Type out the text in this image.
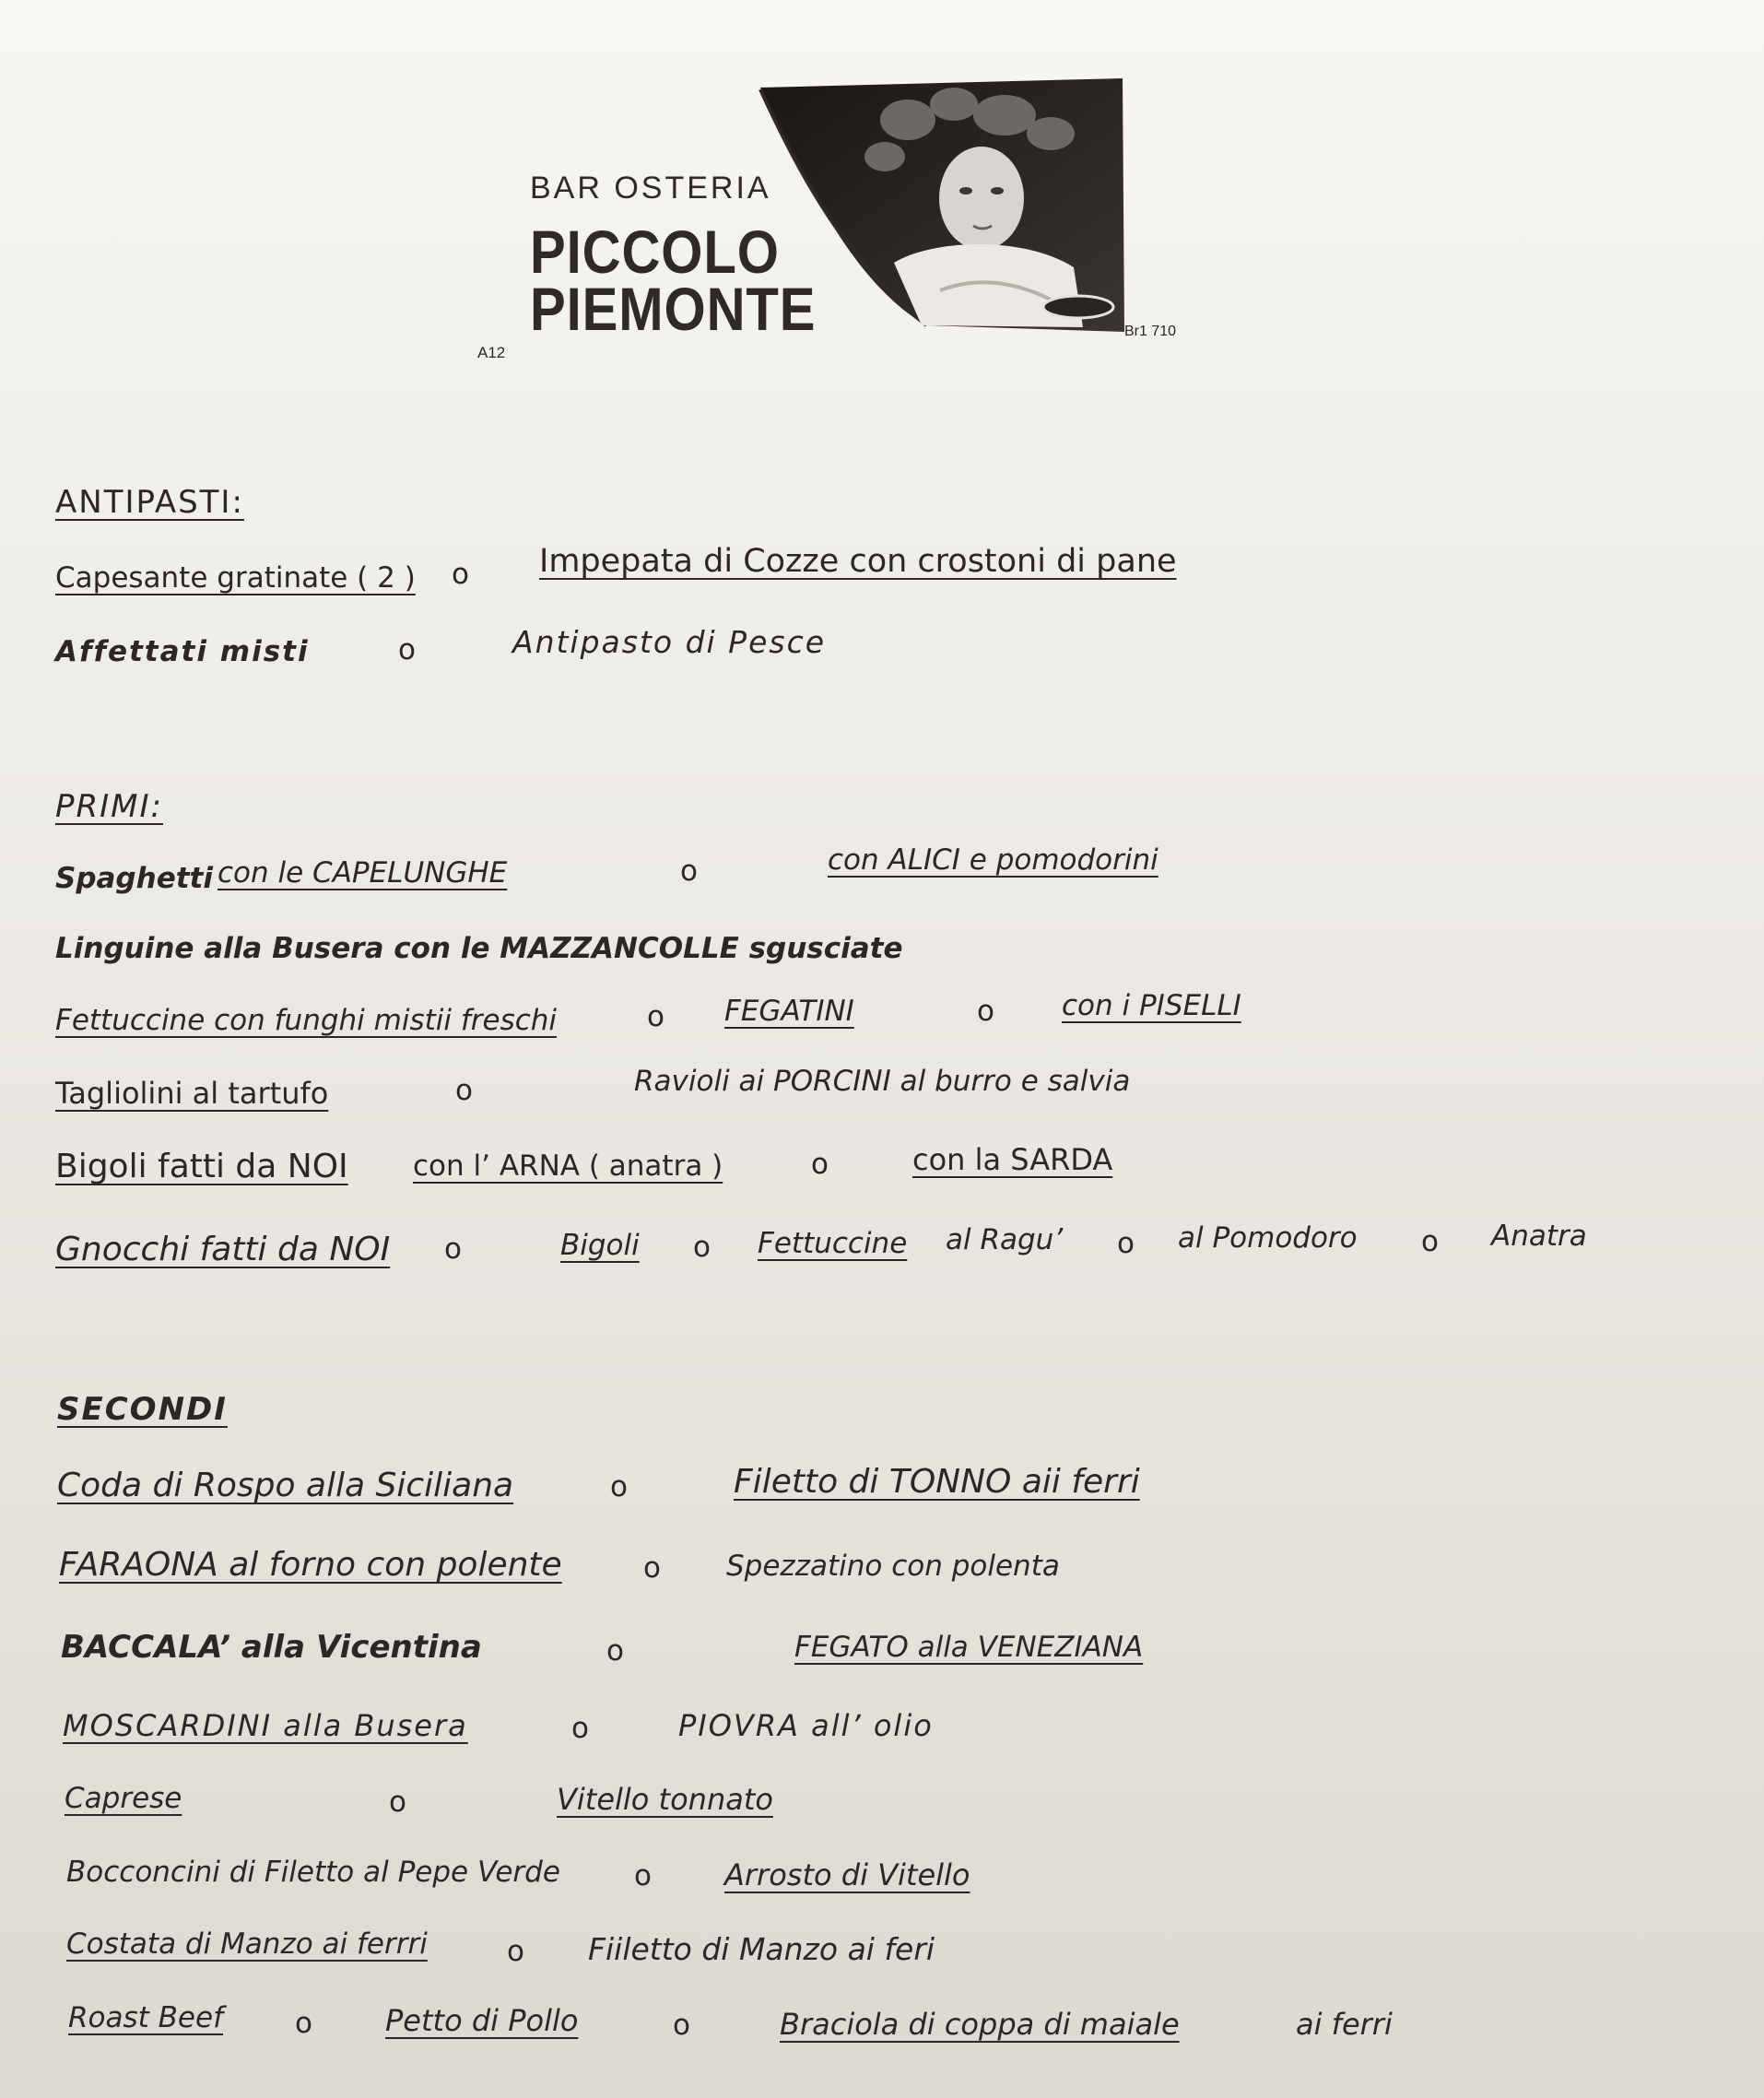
BAR OSTERIA
PICCOLO
PIEMONTE
A12
Br1 710
ANTIPASTI:
Capesante gratinate ( 2 ) o Impepata di Cozze con crostoni di pane
Affettati misti	o	Antipasto di Pesce
PRIMI:
Spaghetti con le CAPELUNGHE	o	con ALICI e pomodorini
Linguine alla Busera con le MAZZANCOLLE sgusciate
Fettuccine con funghi mistii freschi	o FEGATINI	o con i PISELLI
Tagliolini al tartufo	o	Ravioli ai PORCINI al burro e salvia
Bigoli fatti da NOI con l’ ARNA ( anatra )	o	con la SARDA
Gnocchi fatti da NOI o	Bigoli o Fettuccine al Ragu’ o al Pomodoro o Anatra
SECONDI
Coda di Rospo alla Siciliana	o	Filetto di TONNO aii ferri
FARAONA al forno con polente	o Spezzatino con polenta
BACCALA’ alla Vicentina	o	FEGATO alla VENEZIANA
MOSCARDINI alla Busera	o	PIOVRA all’ olio
Caprese	o	Vitello tonnato
Bocconcini di Filetto al Pepe Verde	o Arrosto di Vitello
Costata di Manzo ai ferrri	o Fiiletto di Manzo ai feri
Roast Beef	o Petto di Pollo	o	Braciola di coppa di maiale	ai ferri
